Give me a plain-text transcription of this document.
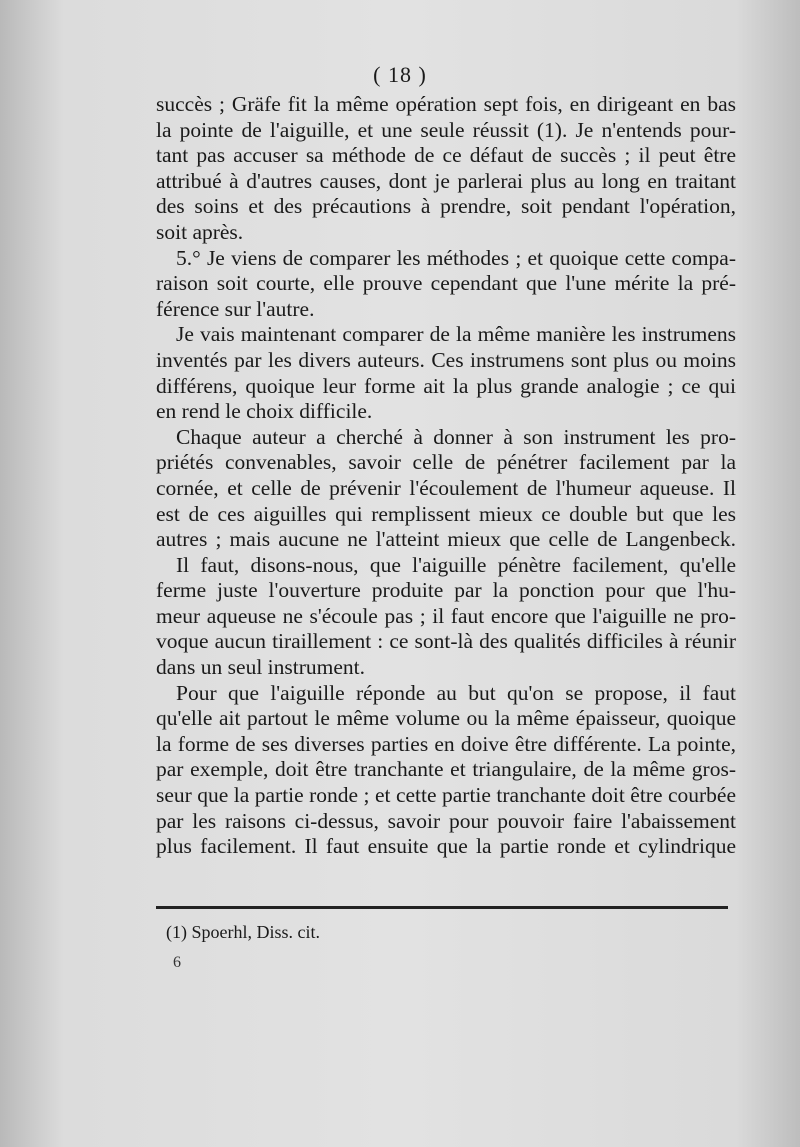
( 18 )
succès ; Gräfe fit la même opération sept fois, en dirigeant en bas
la pointe de l'aiguille, et une seule réussit (1). Je n'entends pour-
tant pas accuser sa méthode de ce défaut de succès ; il peut être
attribué à d'autres causes, dont je parlerai plus au long en traitant
des soins et des précautions à prendre, soit pendant l'opération,
soit après.
5.° Je viens de comparer les méthodes ; et quoique cette compa-
raison soit courte, elle prouve cependant que l'une mérite la pré-
férence sur l'autre.
Je vais maintenant comparer de la même manière les instrumens
inventés par les divers auteurs. Ces instrumens sont plus ou moins
différens, quoique leur forme ait la plus grande analogie ; ce qui
en rend le choix difficile.
Chaque auteur a cherché à donner à son instrument les pro-
priétés convenables, savoir celle de pénétrer facilement par la
cornée, et celle de prévenir l'écoulement de l'humeur aqueuse. Il
est de ces aiguilles qui remplissent mieux ce double but que les
autres ; mais aucune ne l'atteint mieux que celle de Langenbeck.
Il faut, disons-nous, que l'aiguille pénètre facilement, qu'elle
ferme juste l'ouverture produite par la ponction pour que l'hu-
meur aqueuse ne s'écoule pas ; il faut encore que l'aiguille ne pro-
voque aucun tiraillement : ce sont-là des qualités difficiles à réunir
dans un seul instrument.
Pour que l'aiguille réponde au but qu'on se propose, il faut
qu'elle ait partout le même volume ou la même épaisseur, quoique
la forme de ses diverses parties en doive être différente. La pointe,
par exemple, doit être tranchante et triangulaire, de la même gros-
seur que la partie ronde ; et cette partie tranchante doit être courbée
par les raisons ci-dessus, savoir pour pouvoir faire l'abaissement
plus facilement. Il faut ensuite que la partie ronde et cylindrique
(1) Spoerhl, Diss. cit.
6
